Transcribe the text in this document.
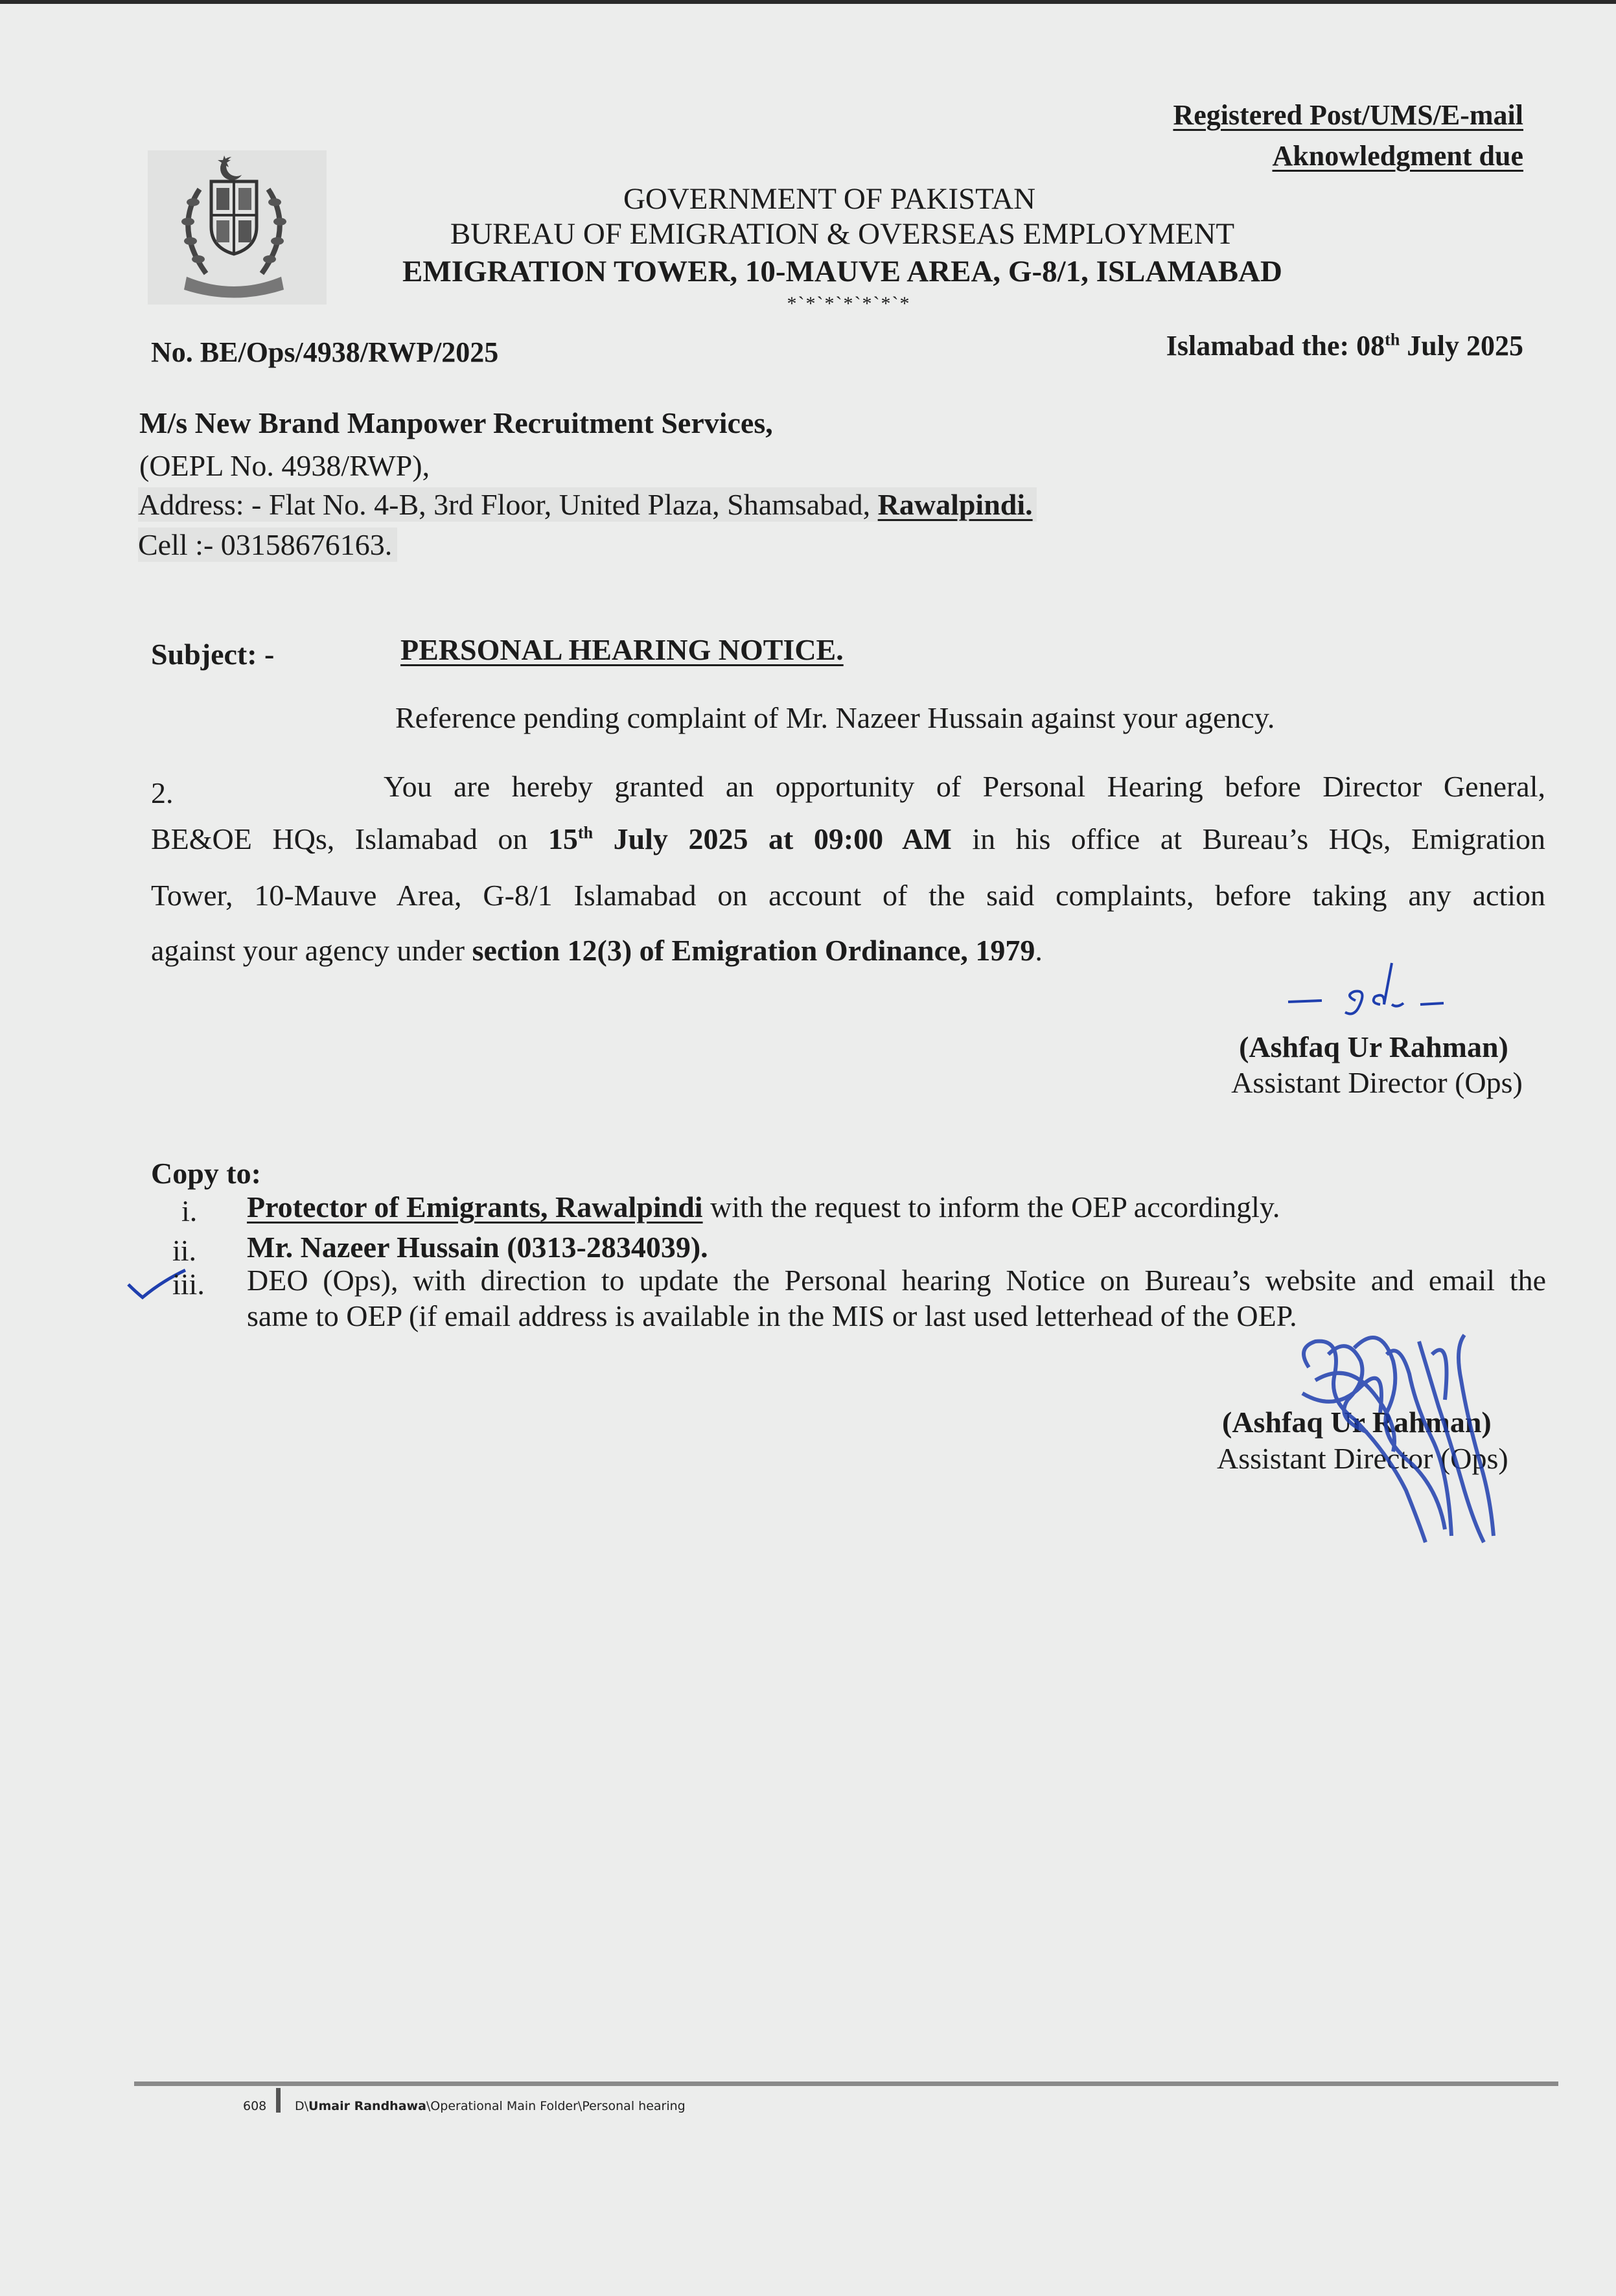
Registered Post/UMS/E-mail
Aknowledgment due
GOVERNMENT OF PAKISTAN
BUREAU OF EMIGRATION & OVERSEAS EMPLOYMENT
EMIGRATION TOWER, 10-MAUVE AREA, G-8/1, ISLAMABAD
*`*`*`*`*`*`*
No. BE/Ops/4938/RWP/2025	Islamabad the: 08th July 2025
M/s New Brand Manpower Recruitment Services,
(OEPL No. 4938/RWP),
Address: - Flat No. 4-B, 3rd Floor, United Plaza, Shamsabad, Rawalpindi.
Cell :- 03158676163.
Subject: -	PERSONAL HEARING NOTICE.
Reference pending complaint of Mr. Nazeer Hussain against your agency.
2.	You are hereby granted an opportunity of Personal Hearing before Director General,
BE&OE HQs, Islamabad on 15th July 2025 at 09:00 AM in his office at Bureau’s HQs, Emigration
Tower, 10-Mauve Area, G-8/1 Islamabad on account of the said complaints, before taking any action
against your agency under section 12(3) of Emigration Ordinance, 1979.
(Ashfaq Ur Rahman)
Assistant Director (Ops)
Copy to:
i. Protector of Emigrants, Rawalpindi with the request to inform the OEP accordingly.
ii. Mr. Nazeer Hussain (0313-2834039).
iii. DEO (Ops), with direction to update the Personal hearing Notice on Bureau’s website and email the
same to OEP (if email address is available in the MIS or last used letterhead of the OEP.
(Ashfaq Ur Rahman)
Assistant Director (Ops)
608 D\Umair Randhawa\Operational Main Folder\Personal hearing
